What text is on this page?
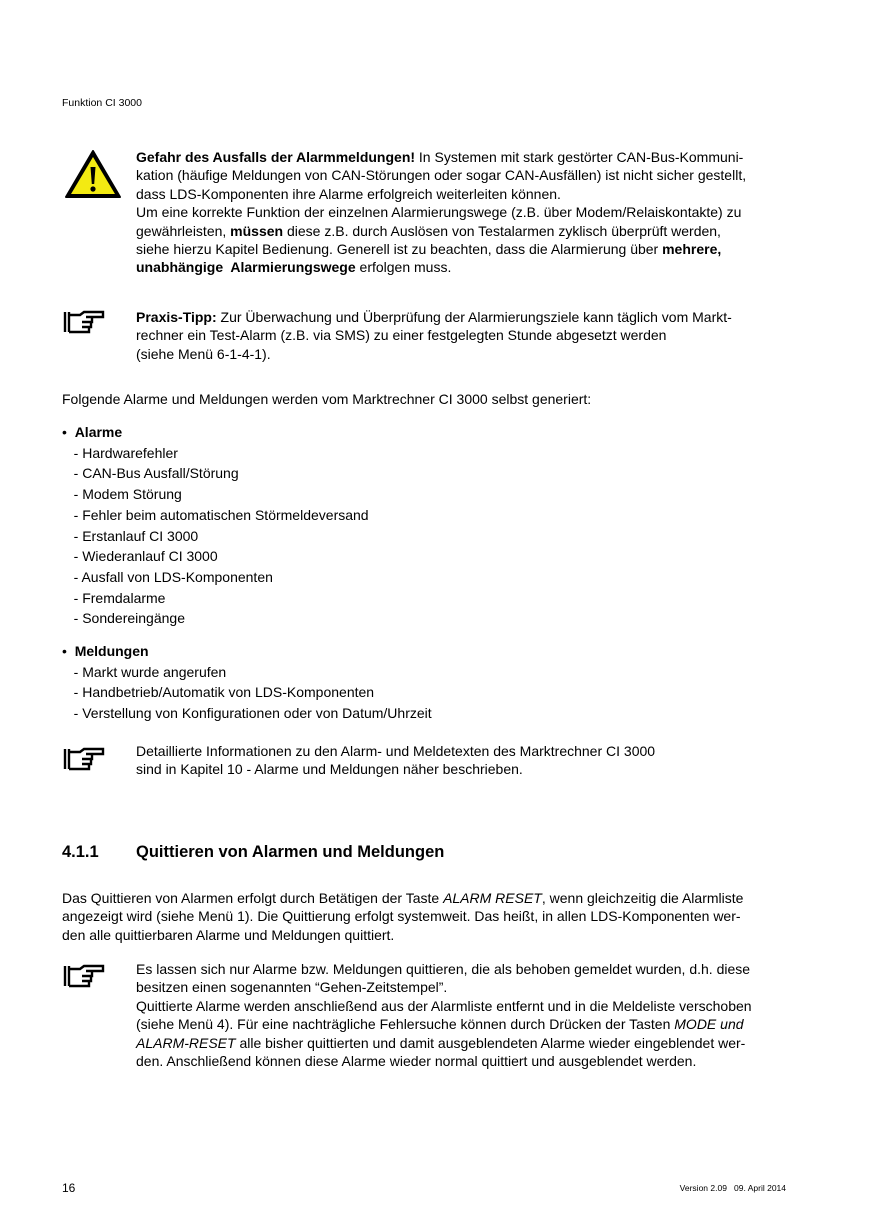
Funktion CI 3000
Gefahr des Ausfalls der Alarmmeldungen! In Systemen mit stark gestörter CAN-Bus-Kommuni-
kation (häufige Meldungen von CAN-Störungen oder sogar CAN-Ausfällen) ist nicht sicher gestellt,
dass LDS-Komponenten ihre Alarme erfolgreich weiterleiten können.
Um eine korrekte Funktion der einzelnen Alarmierungswege (z.B. über Modem/Relaiskontakte) zu
gewährleisten, müssen diese z.B. durch Auslösen von Testalarmen zyklisch überprüft werden,
siehe hierzu Kapitel Bedienung. Generell ist zu beachten, dass die Alarmierung über mehrere,
unabhängige  Alarmierungswege erfolgen muss.
Praxis-Tipp: Zur Überwachung und Überprüfung der Alarmierungsziele kann täglich vom Markt-
rechner ein Test-Alarm (z.B. via SMS) zu einer festgelegten Stunde abgesetzt werden
(siehe Menü 6-1-4-1).
Folgende Alarme und Meldungen werden vom Marktrechner CI 3000 selbst generiert:
•  Alarme
- Hardwarefehler
- CAN-Bus Ausfall/Störung
- Modem Störung
- Fehler beim automatischen Störmeldeversand
- Erstanlauf CI 3000
- Wiederanlauf CI 3000
- Ausfall von LDS-Komponenten
- Fremdalarme
- Sondereingänge
•  Meldungen
- Markt wurde angerufen
- Handbetrieb/Automatik von LDS-Komponenten
- Verstellung von Konfigurationen oder von Datum/Uhrzeit
Detaillierte Informationen zu den Alarm- und Meldetexten des Marktrechner CI 3000
sind in Kapitel 10 - Alarme und Meldungen näher beschrieben.
4.1.1 Quittieren von Alarmen und Meldungen
Das Quittieren von Alarmen erfolgt durch Betätigen der Taste ALARM RESET, wenn gleichzeitig die Alarmliste
angezeigt wird (siehe Menü 1). Die Quittierung erfolgt systemweit. Das heißt, in allen LDS-Komponenten wer-
den alle quittierbaren Alarme und Meldungen quittiert.
Es lassen sich nur Alarme bzw. Meldungen quittieren, die als behoben gemeldet wurden, d.h. diese
besitzen einen sogenannten “Gehen-Zeitstempel”.
Quittierte Alarme werden anschließend aus der Alarmliste entfernt und in die Meldeliste verschoben
(siehe Menü 4). Für eine nachträgliche Fehlersuche können durch Drücken der Tasten MODE und
ALARM-RESET alle bisher quittierten und damit ausgeblendeten Alarme wieder eingeblendet wer-
den. Anschließend können diese Alarme wieder normal quittiert und ausgeblendet werden.
16	Version 2.09   09. April 2014
